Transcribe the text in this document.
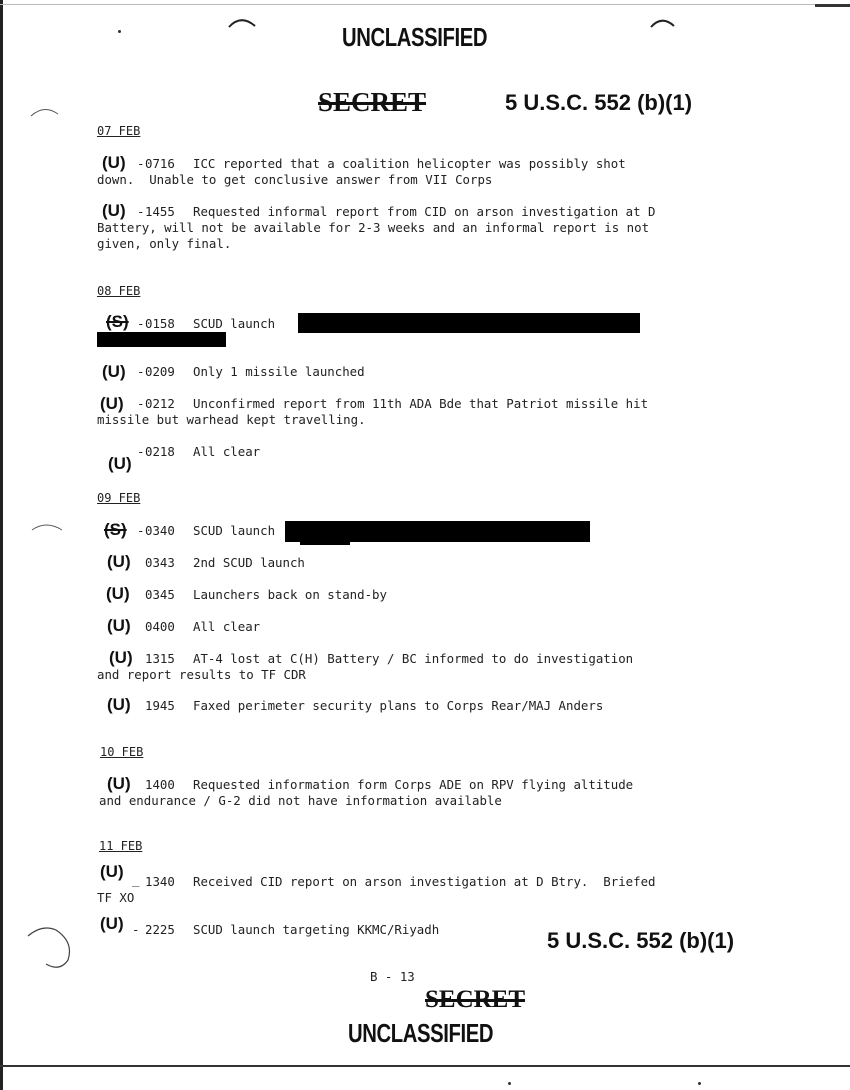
UNCLASSIFIED
SECRET	5 U.S.C. 552 (b)(1)
07 FEB
(U) - 0716 ICC reported that a coalition helicopter was possibly shot
down.  Unable to get conclusive answer from VII Corps
(U) - 1455 Requested informal report from CID on arson investigation at D
Battery, will not be available for 2-3 weeks and an informal report is not
given, only final.
08 FEB
(S) - 0158 SCUD launch
(U) - 0209 Only 1 missile launched
(U) - 0212 Unconfirmed report from 11th ADA Bde that Patriot missile hit
missile but warhead kept travelling.
(U)
- 0218 All clear
09 FEB
(S) - 0340 SCUD launch
(U) 0343 2nd SCUD launch
(U) 0345 Launchers back on stand-by
(U) 0400 All clear
(U) 1315 AT-4 lost at C(H) Battery / BC informed to do investigation
and report results to TF CDR
(U) 1945 Faxed perimeter security plans to Corps Rear/MAJ Anders
10 FEB
(U) 1400 Requested information form Corps ADE on RPV flying altitude
and endurance / G-2 did not have information available
11 FEB
(U) _ 1340 Received CID report on arson investigation at D Btry.  Briefed
TF XO
(U) - 2225 SCUD launch targeting KKMC/Riyadh	5 U.S.C. 552 (b)(1)
B - 13
SECRET
UNCLASSIFIED
